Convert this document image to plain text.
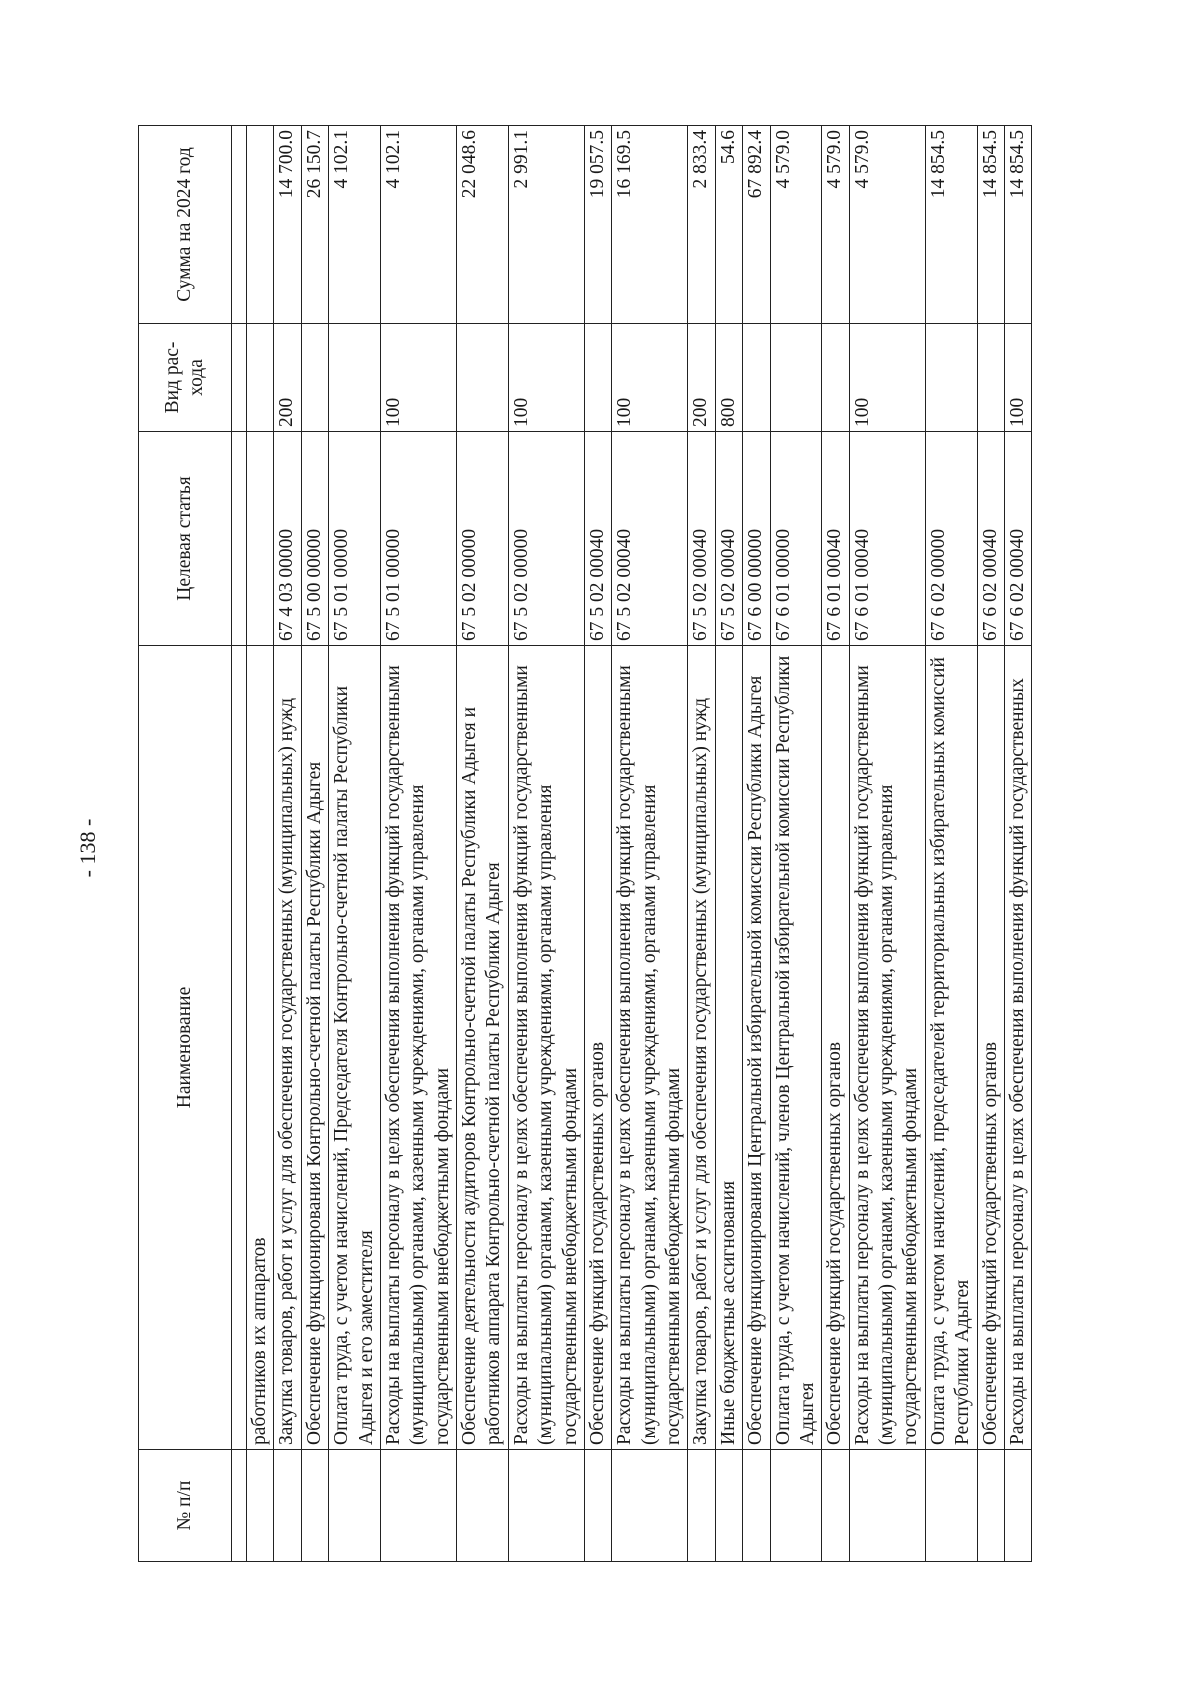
- 138 -
№ п/п	Наименование	Целевая статья	Вид рас-хода	Сумма на 2024 год

	работников их аппаратов			
	Закупка товаров, работ и услуг для обеспечения государственных (муниципальных) нужд	67 4 03 00000	200	14 700.0
	Обеспечение функционирования Контрольно-счетной палаты Республики Адыгея	67 5 00 00000		26 150.7
	Оплата труда, с учетом начислений, Председателя Контрольно-счетной палаты Республики Адыгея и его заместителя	67 5 01 00000		4 102.1
	Расходы на выплаты персоналу в целях обеспечения выполнения функций государственными (муниципальными) органами, казенными учреждениями, органами управления государственными внебюджетными фондами	67 5 01 00000	100	4 102.1
	Обеспечение деятельности аудиторов Контрольно-счетной палаты Республики Адыгея и работников аппарата Контрольно-счетной палаты Республики Адыгея	67 5 02 00000		22 048.6
	Расходы на выплаты персоналу в целях обеспечения выполнения функций государственными (муниципальными) органами, казенными учреждениями, органами управления государственными внебюджетными фондами	67 5 02 00000	100	2 991.1
	Обеспечение функций государственных органов	67 5 02 00040		19 057.5
	Расходы на выплаты персоналу в целях обеспечения выполнения функций государственными (муниципальными) органами, казенными учреждениями, органами управления государственными внебюджетными фондами	67 5 02 00040	100	16 169.5
	Закупка товаров, работ и услуг для обеспечения государственных (муниципальных) нужд	67 5 02 00040	200	2 833.4
	Иные бюджетные ассигнования	67 5 02 00040	800	54.6
	Обеспечение функционирования Центральной избирательной комиссии Республики Адыгея	67 6 00 00000		67 892.4
	Оплата труда, с учетом начислений, членов Центральной избирательной комиссии Республики Адыгея	67 6 01 00000		4 579.0
	Обеспечение функций государственных органов	67 6 01 00040		4 579.0
	Расходы на выплаты персоналу в целях обеспечения выполнения функций государственными (муниципальными) органами, казенными учреждениями, органами управления государственными внебюджетными фондами	67 6 01 00040	100	4 579.0
	Оплата труда, с учетом начислений, председателей территориальных избирательных комиссий Республики Адыгея	67 6 02 00000		14 854.5
	Обеспечение функций государственных органов	67 6 02 00040		14 854.5
	Расходы на выплаты персоналу в целях обеспечения выполнения функций государственных	67 6 02 00040	100	14 854.5
